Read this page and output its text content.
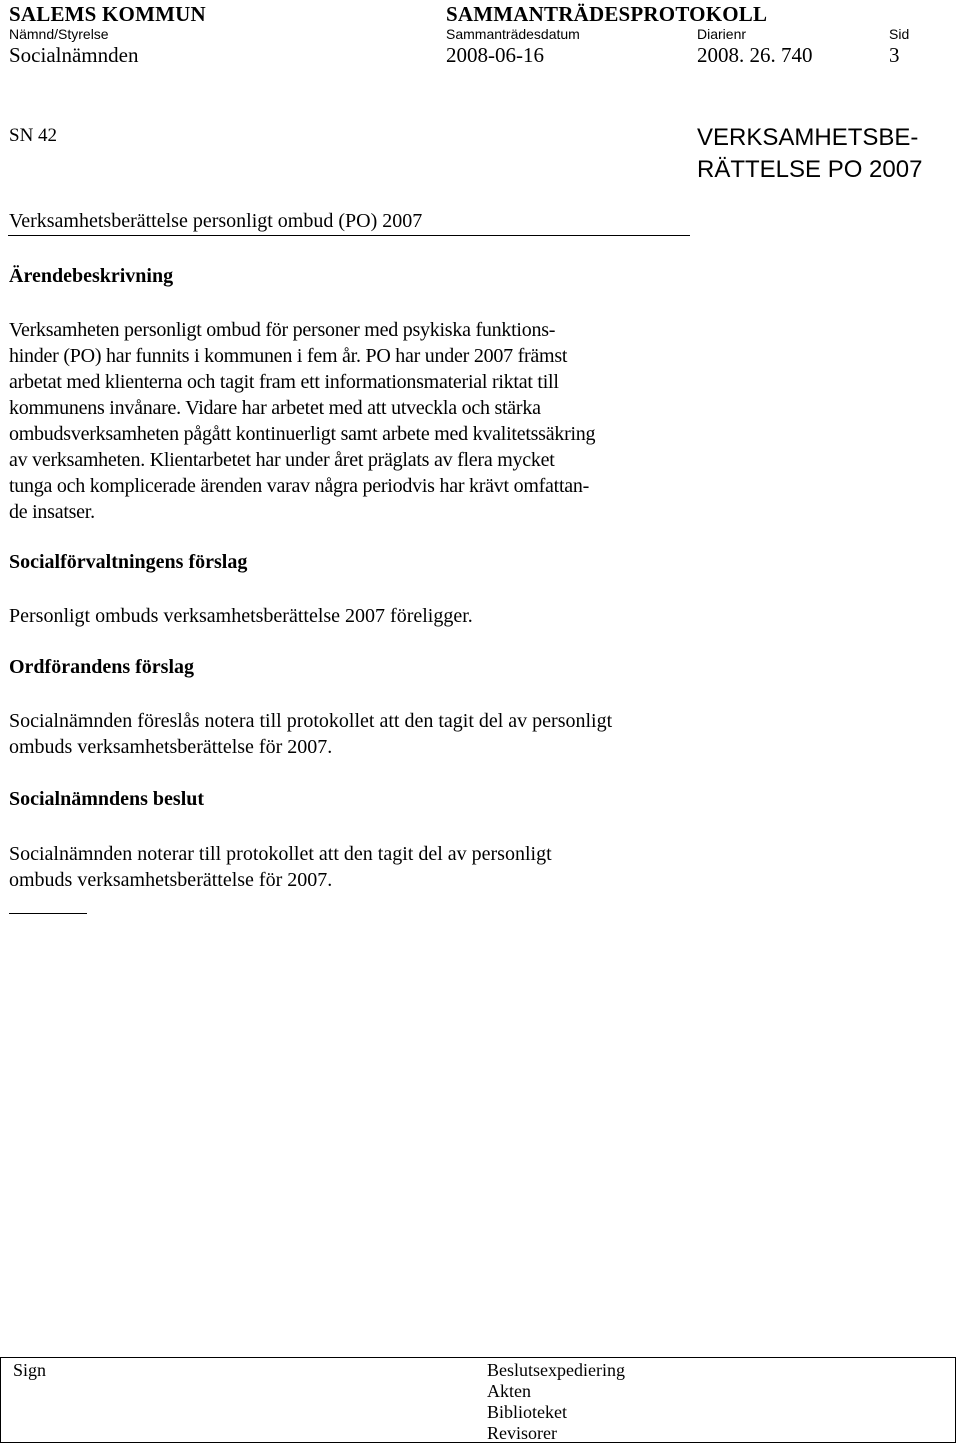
SALEMS KOMMUN	SAMMANTRÄDESPROTOKOLL
Nämnd/Styrelse	Sammanträdesdatum	Diarienr	Sid
Socialnämnden	2008-06-16	2008. 26. 740	3
SN 42	VERKSAMHETSBE-
RÄTTELSE PO 2007
Verksamhetsberättelse personligt ombud (PO) 2007
Ärendebeskrivning
Verksamheten personligt ombud för personer med psykiska funktions-
hinder (PO) har funnits i kommunen i fem år. PO har under 2007 främst
arbetat med klienterna och tagit fram ett informationsmaterial riktat till
kommunens invånare. Vidare har arbetet med att utveckla och stärka
ombudsverksamheten pågått kontinuerligt samt arbete med kvalitetssäkring
av verksamheten. Klientarbetet har under året präglats av flera mycket
tunga och komplicerade ärenden varav några periodvis har krävt omfattan-
de insatser.
Socialförvaltningens förslag
Personligt ombuds verksamhetsberättelse 2007 föreligger.
Ordförandens förslag
Socialnämnden föreslås notera till protokollet att den tagit del av personligt
ombuds verksamhetsberättelse för 2007.
Socialnämndens beslut
Socialnämnden noterar till protokollet att den tagit del av personligt
ombuds verksamhetsberättelse för 2007.
Sign	Beslutsexpediering
Akten
Biblioteket
Revisorer
